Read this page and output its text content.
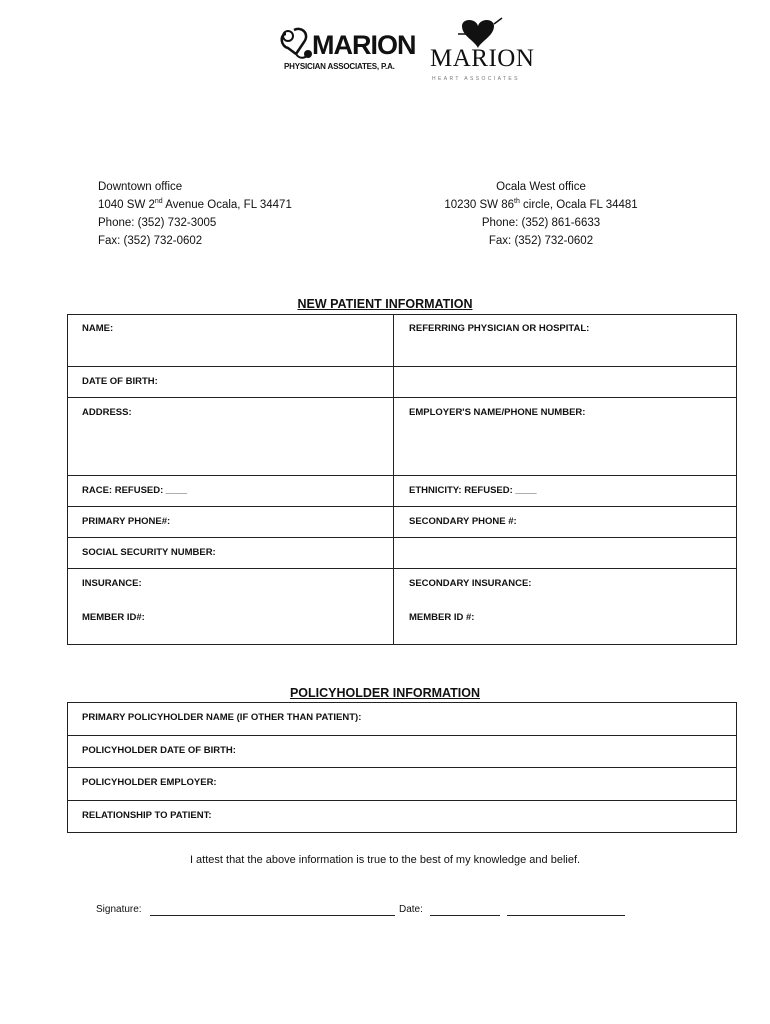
MARION
PHYSICIAN ASSOCIATES, P.A. MARION
HEART ASSOCIATES
Downtown office
1040 SW 2nd Avenue Ocala, FL 34471
Phone: (352) 732-3005
Fax: (352) 732-0602
Ocala West office
10230 SW 86th circle, Ocala FL 34481
Phone: (352) 861-6633
Fax: (352) 732-0602
NEW PATIENT INFORMATION
NAME:	REFERRING PHYSICIAN OR HOSPITAL:
DATE OF BIRTH:
ADDRESS:	EMPLOYER'S NAME/PHONE NUMBER:
RACE: REFUSED: ____	ETHNICITY: REFUSED: ____
PRIMARY PHONE#:	SECONDARY PHONE #:
SOCIAL SECURITY NUMBER:
INSURANCE:	SECONDARY INSURANCE:
MEMBER ID#:	MEMBER ID #:
POLICYHOLDER INFORMATION
PRIMARY POLICYHOLDER NAME (IF OTHER THAN PATIENT):
POLICYHOLDER DATE OF BIRTH:
POLICYHOLDER EMPLOYER:
RELATIONSHIP TO PATIENT:
I attest that the above information is true to the best of my knowledge and belief.
Signature:	Date:
